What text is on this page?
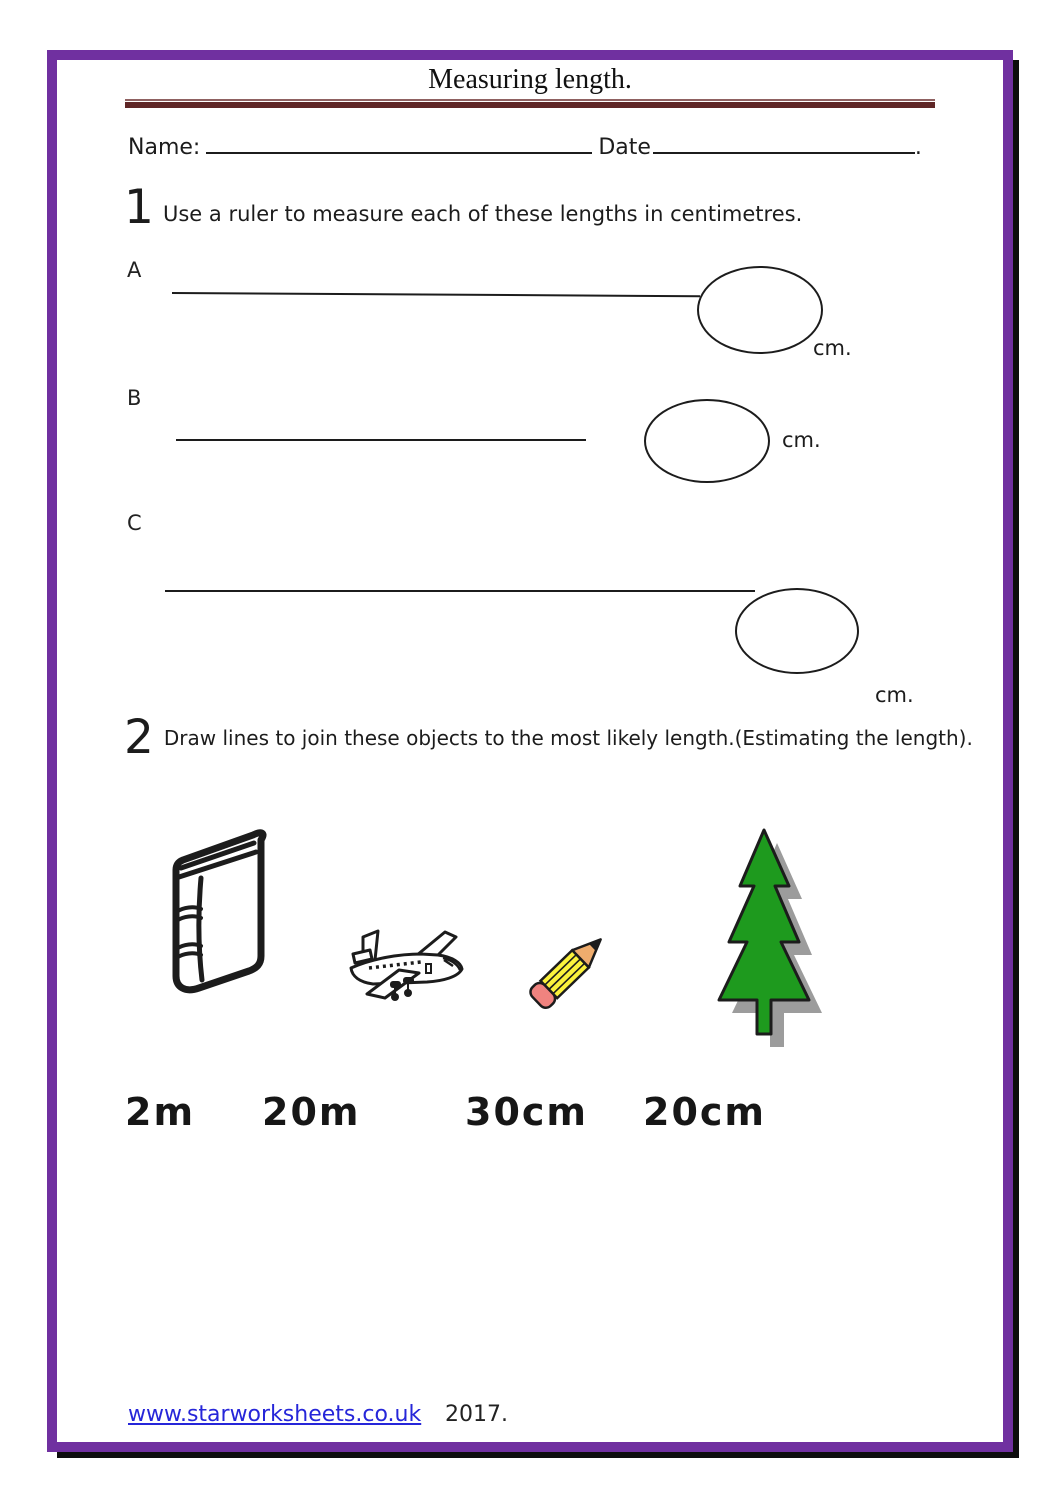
Measuring length.
Name:	Date	.
1 Use a ruler to measure each of these lengths in centimetres.
A
cm.
B
cm.
C
cm.
2 Draw lines to join these objects to the most likely length.(Estimating the length).
2m 20m	30cm 20cm
www.starworksheets.co.uk 2017.
